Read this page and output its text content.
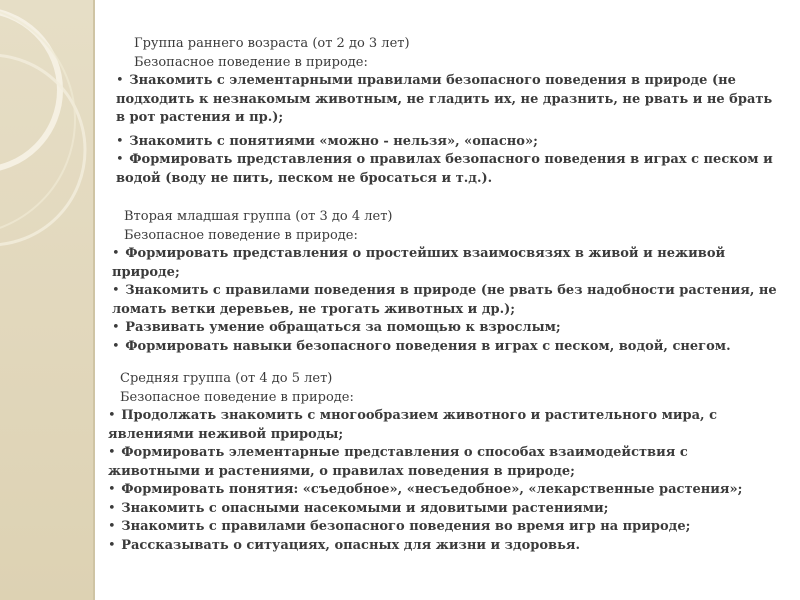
Группа раннего возраста (от 2 до 3 лет)
Безопасное поведение в природе:
• Знакомить с элементарными правилами безопасного поведения в природе (не подходить к незнакомым животным, не гладить их, не дразнить, не рвать и не брать в рот растения и пр.);
• Знакомить с понятиями «можно - нельзя», «опасно»;
• Формировать представления о правилах безопасного поведения в играх с песком и водой (воду не пить, песком не бросаться и т.д.).
Вторая младшая группа (от 3 до 4 лет)
Безопасное поведение в природе:
• Формировать представления о простейших взаимосвязях в живой и неживой природе;
• Знакомить с правилами поведения в природе (не рвать без надобности растения, не ломать ветки деревьев, не трогать животных и др.);
• Развивать умение обращаться за помощью к взрослым;
• Формировать навыки безопасного поведения в играх с песком, водой, снегом.
Средняя группа (от 4 до 5 лет)
Безопасное поведение в природе:
• Продолжать знакомить с многообразием животного и растительного мира, с явлениями неживой природы;
• Формировать элементарные представления о способах взаимодействия с животными и растениями, о правилах поведения в природе;
• Формировать понятия: «съедобное», «несъедобное», «лекарственные растения»;
• Знакомить с опасными насекомыми и ядовитыми растениями;
• Знакомить с правилами безопасного поведения во время игр на природе;
• Рассказывать о ситуациях, опасных для жизни и здоровья.
